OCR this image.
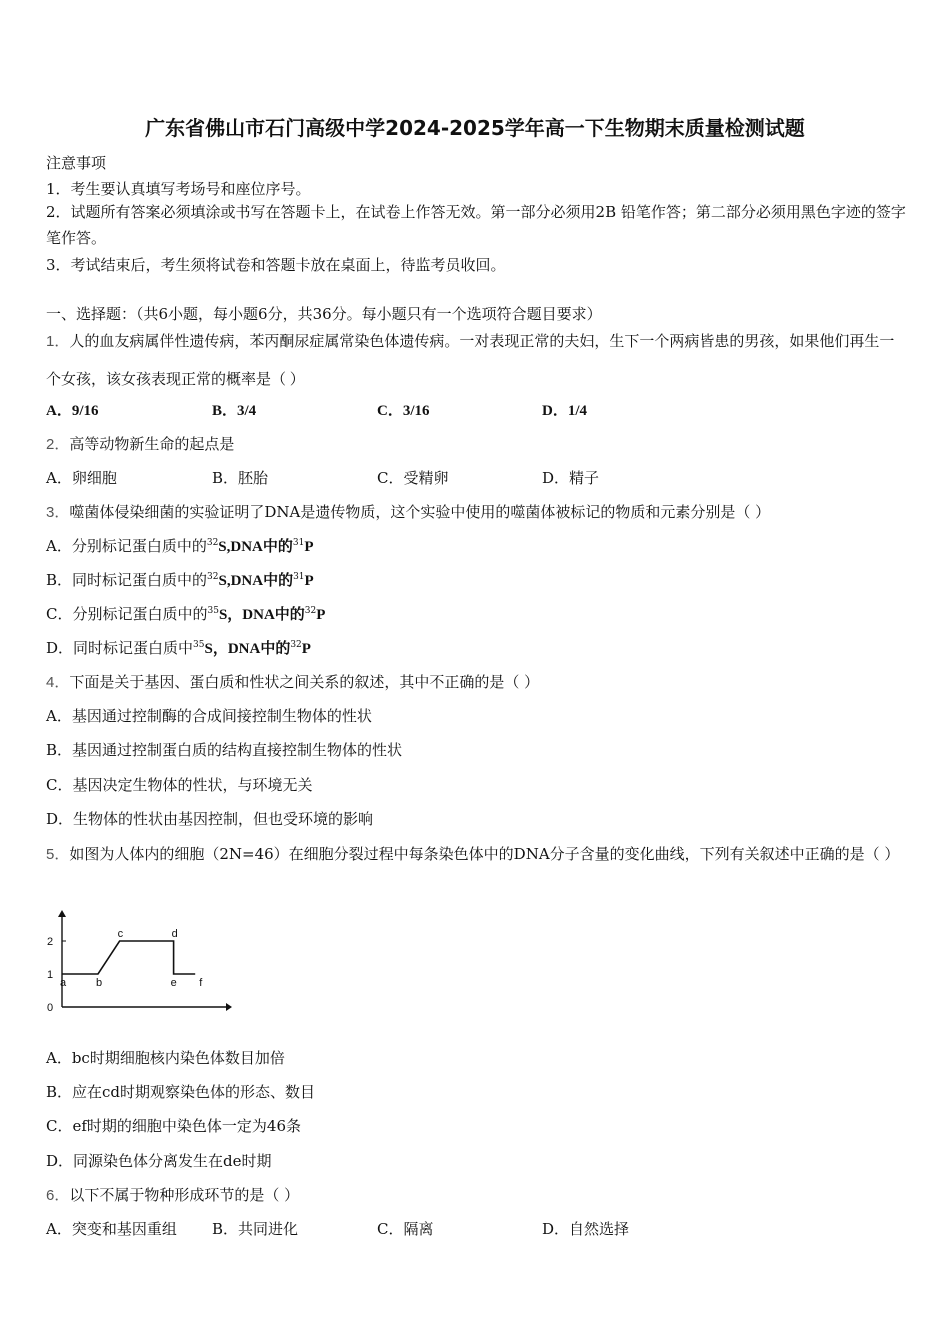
广东省佛山市石门高级中学2024-2025学年高一下生物期末质量检测试题
注意事项
1．考生要认真填写考场号和座位序号。
2．试题所有答案必须填涂或书写在答题卡上，在试卷上作答无效。第一部分必须用2B 铅笔作答；第二部分必须用黑色字迹的签字笔作答。
3．考试结束后，考生须将试卷和答题卡放在桌面上，待监考员收回。
一、选择题：（共6小题，每小题6分，共36分。每小题只有一个选项符合题目要求）
1．人的血友病属伴性遗传病，苯丙酮尿症属常染色体遗传病。一对表现正常的夫妇，生下一个两病皆患的男孩，如果他们再生一个女孩，该女孩表现正常的概率是（ ）
A．9/16	B．3/4	C．3/16	D．1/4
2．高等动物新生命的起点是
A．卵细胞	B．胚胎	C．受精卵	D．精子
3．噬菌体侵染细菌的实验证明了DNA是遗传物质，这个实验中使用的噬菌体被标记的物质和元素分别是（ ）
A．分别标记蛋白质中的$^{32}$S,DNA中的$^{31}$P
B．同时标记蛋白质中的$^{32}$S,DNA中的$^{31}$P
C．分别标记蛋白质中的$^{35}$S，DNA中的$^{32}$P
D．同时标记蛋白质中$^{35}$S，DNA中的$^{32}$P
4．下面是关于基因、蛋白质和性状之间关系的叙述，其中不正确的是（ ）
A．基因通过控制酶的合成间接控制生物体的性状
B．基因通过控制蛋白质的结构直接控制生物体的性状
C．基因决定生物体的性状，与环境无关
D．生物体的性状由基因控制，但也受环境的影响
5．如图为人体内的细胞（2N=46）在细胞分裂过程中每条染色体中的DNA分子含量的变化曲线，下列有关叙述中正确的是（ ）
2
1
0
a	b
c	d
e f
A．bc时期细胞核内染色体数目加倍
B．应在cd时期观察染色体的形态、数目
C．ef时期的细胞中染色体一定为46条
D．同源染色体分离发生在de时期
6．以下不属于物种形成环节的是（ ）
A．突变和基因重组 B．共同进化	C．隔离	D．自然选择
